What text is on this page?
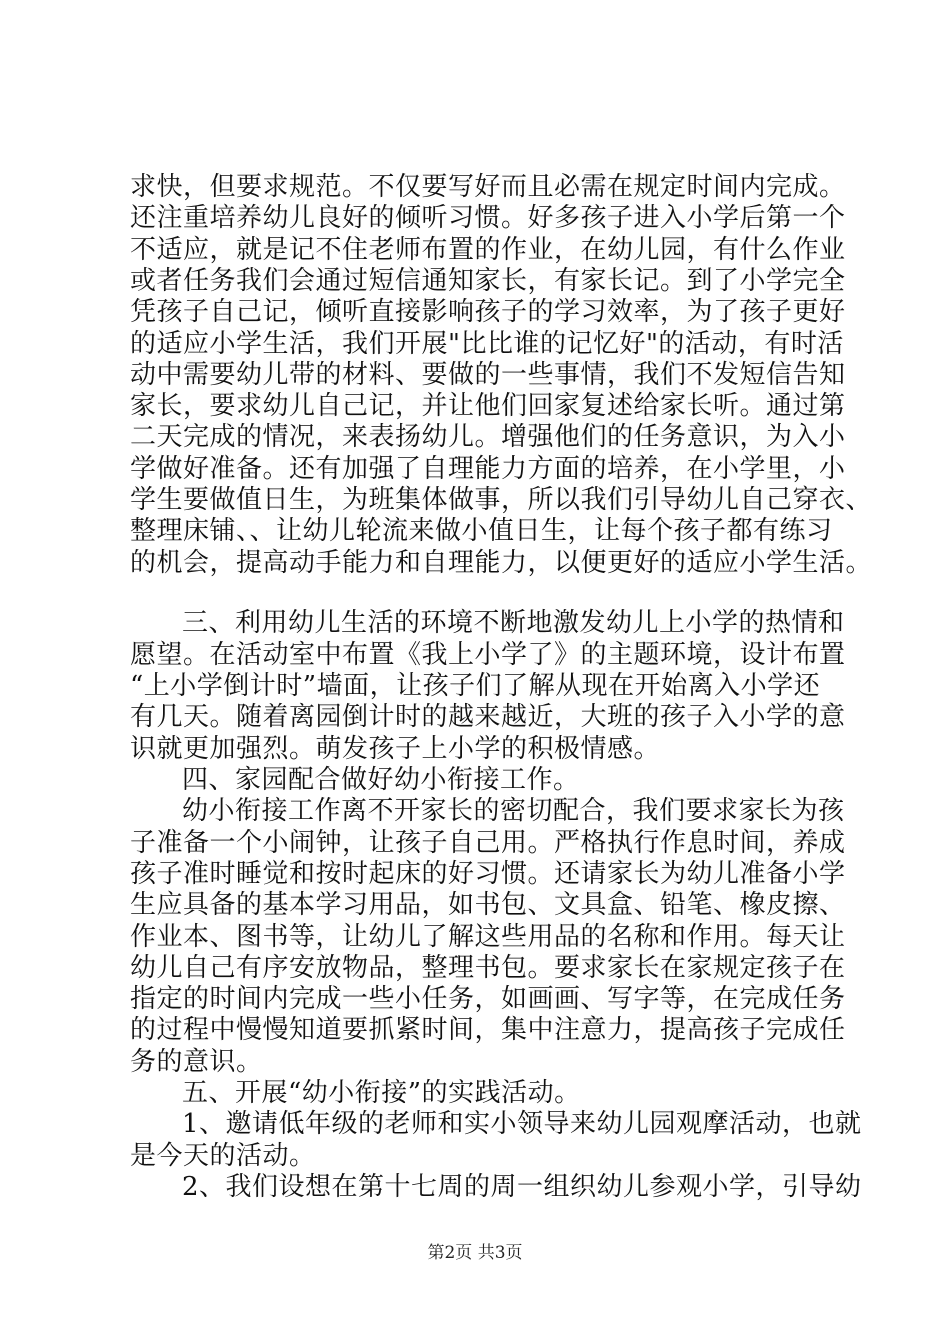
求快，但要求规范。不仅要写好而且必需在规定时间内完成。
还注重培养幼儿良好的倾听习惯。好多孩子进入小学后第一个
不适应，就是记不住老师布置的作业，在幼儿园，有什么作业
或者任务我们会通过短信通知家长，有家长记。到了小学完全
凭孩子自己记，倾听直接影响孩子的学习效率，为了孩子更好
的适应小学生活，我们开展"比比谁的记忆好"的活动，有时活
动中需要幼儿带的材料、要做的一些事情，我们不发短信告知
家长，要求幼儿自己记，并让他们回家复述给家长听。通过第
二天完成的情况，来表扬幼儿。增强他们的任务意识，为入小
学做好准备。还有加强了自理能力方面的培养，在小学里，小
学生要做值日生，为班集体做事，所以我们引导幼儿自己穿衣、
整理床铺、、让幼儿轮流来做小值日生，让每个孩子都有练习
的机会，提高动手能力和自理能力，以便更好的适应小学生活。
三、利用幼儿生活的环境不断地激发幼儿上小学的热情和
愿望。在活动室中布置《我上小学了》的主题环境，设计布置
“上小学倒计时”墙面，让孩子们了解从现在开始离入小学还
有几天。随着离园倒计时的越来越近，大班的孩子入小学的意
识就更加强烈。萌发孩子上小学的积极情感。
四、家园配合做好幼小衔接工作。
幼小衔接工作离不开家长的密切配合，我们要求家长为孩
子准备一个小闹钟，让孩子自己用。严格执行作息时间，养成
孩子准时睡觉和按时起床的好习惯。还请家长为幼儿准备小学
生应具备的基本学习用品，如书包、文具盒、铅笔、橡皮擦、
作业本、图书等，让幼儿了解这些用品的名称和作用。每天让
幼儿自己有序安放物品，整理书包。要求家长在家规定孩子在
指定的时间内完成一些小任务，如画画、写字等，在完成任务
的过程中慢慢知道要抓紧时间，集中注意力，提高孩子完成任
务的意识。
五、开展“幼小衔接”的实践活动。
1、邀请低年级的老师和实小领导来幼儿园观摩活动，也就
是今天的活动。
2、我们设想在第十七周的周一组织幼儿参观小学，引导幼
第2页 共3页
